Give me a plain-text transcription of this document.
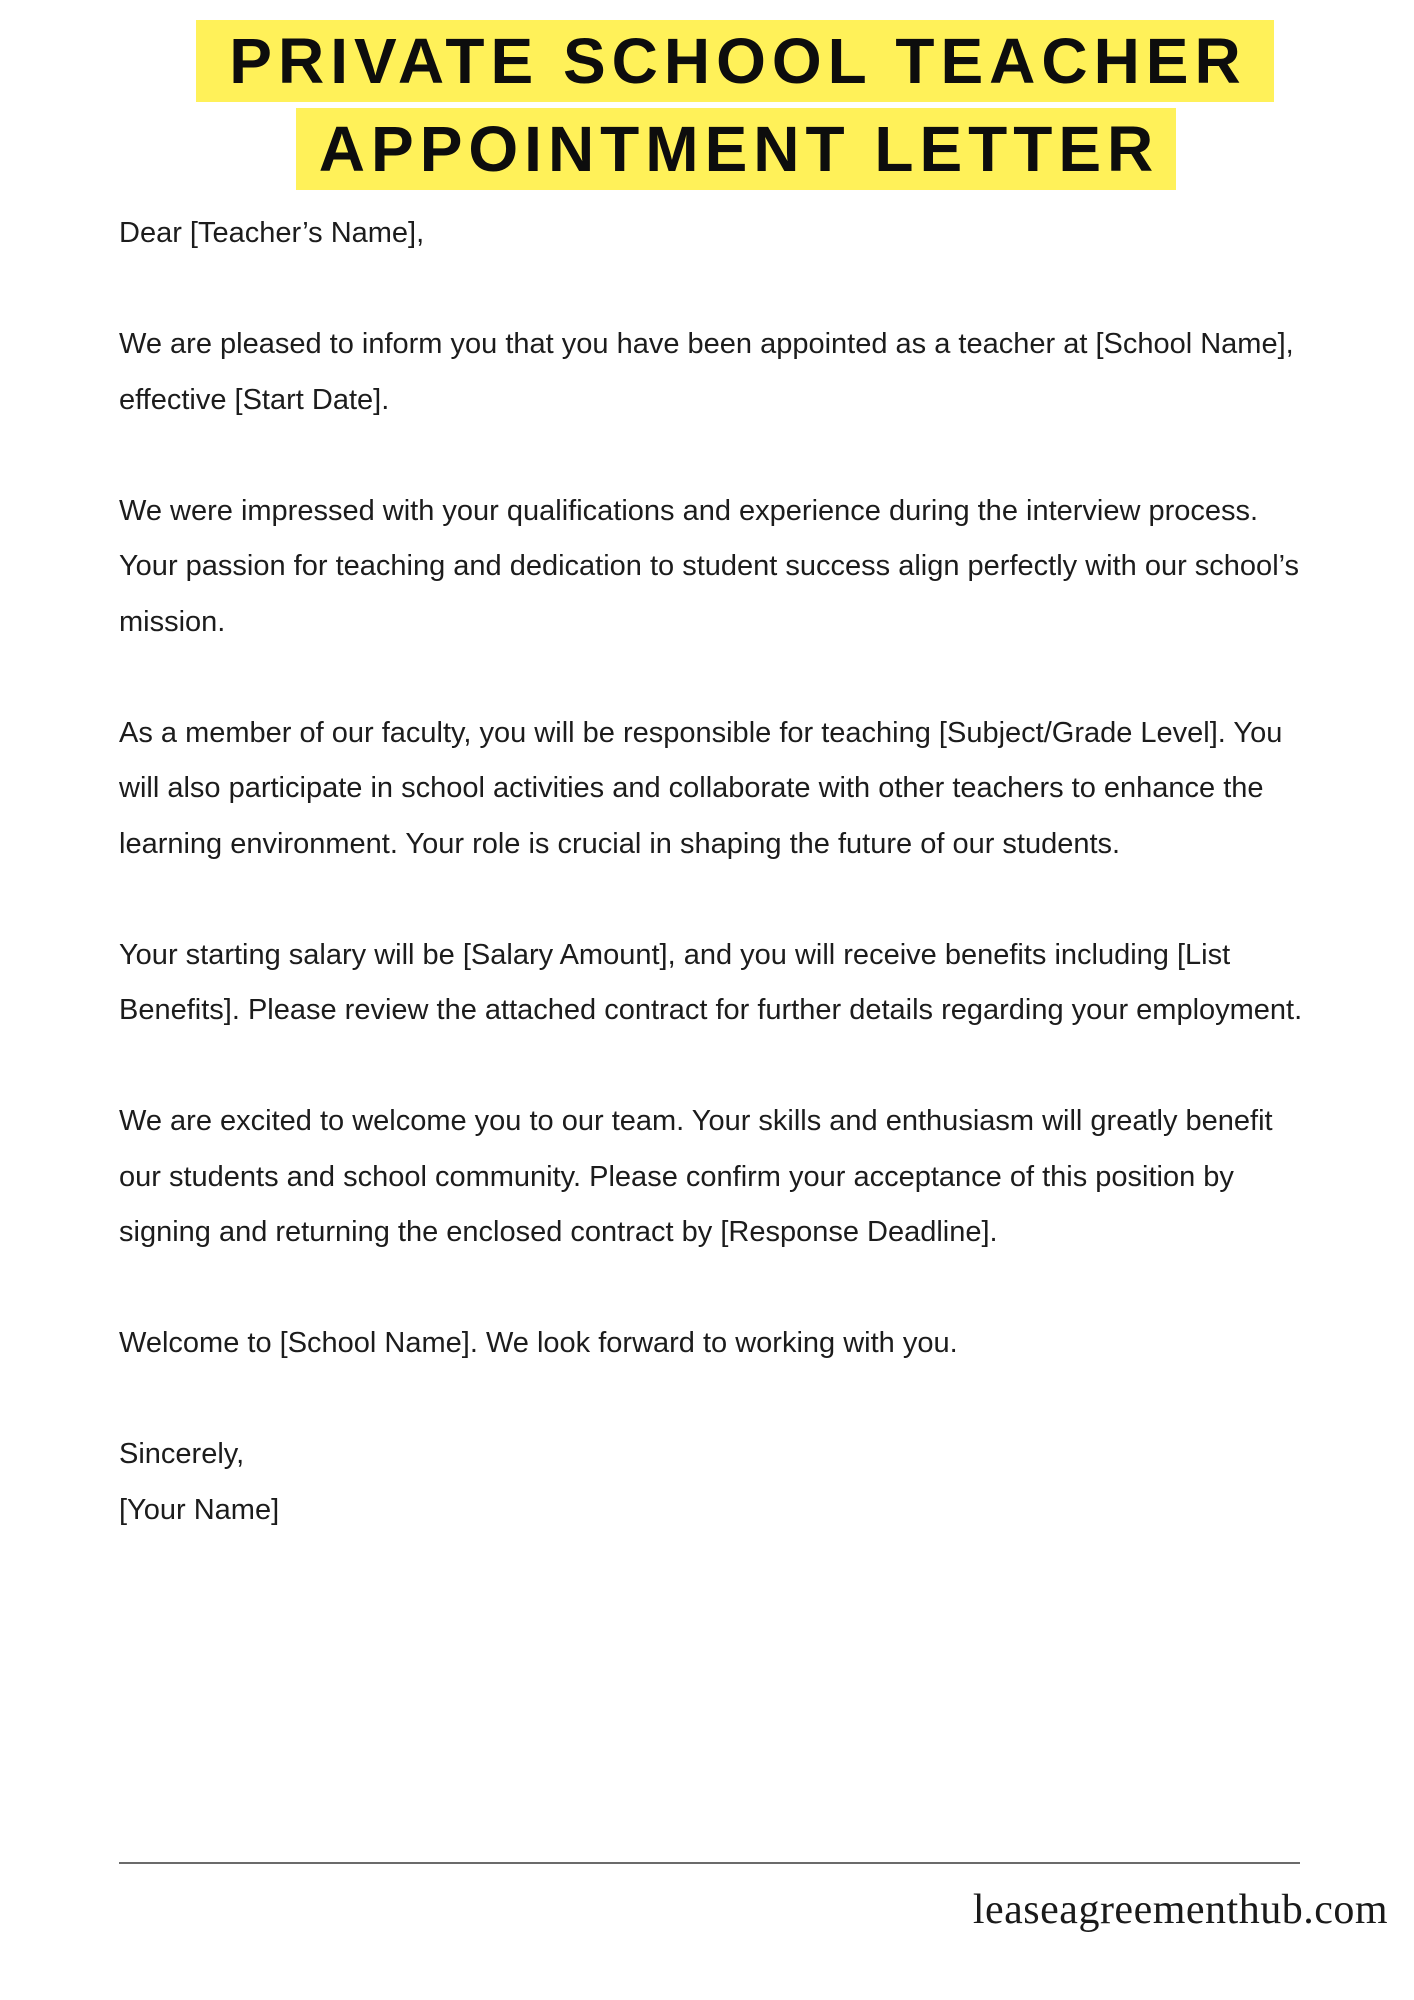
PRIVATE SCHOOL TEACHER
APPOINTMENT LETTER

Dear [Teacher’s Name],

We are pleased to inform you that you have been appointed as a teacher at [School Name], effective [Start Date].

We were impressed with your qualifications and experience during the interview process. Your passion for teaching and dedication to student success align perfectly with our school’s mission.

As a member of our faculty, you will be responsible for teaching [Subject/Grade Level]. You will also participate in school activities and collaborate with other teachers to enhance the learning environment. Your role is crucial in shaping the future of our students.

Your starting salary will be [Salary Amount], and you will receive benefits including [List Benefits]. Please review the attached contract for further details regarding your employment.

We are excited to welcome you to our team. Your skills and enthusiasm will greatly benefit our students and school community. Please confirm your acceptance of this position by signing and returning the enclosed contract by [Response Deadline].

Welcome to [School Name]. We look forward to working with you.

Sincerely,

[Your Name]

leaseagreementhub.com
